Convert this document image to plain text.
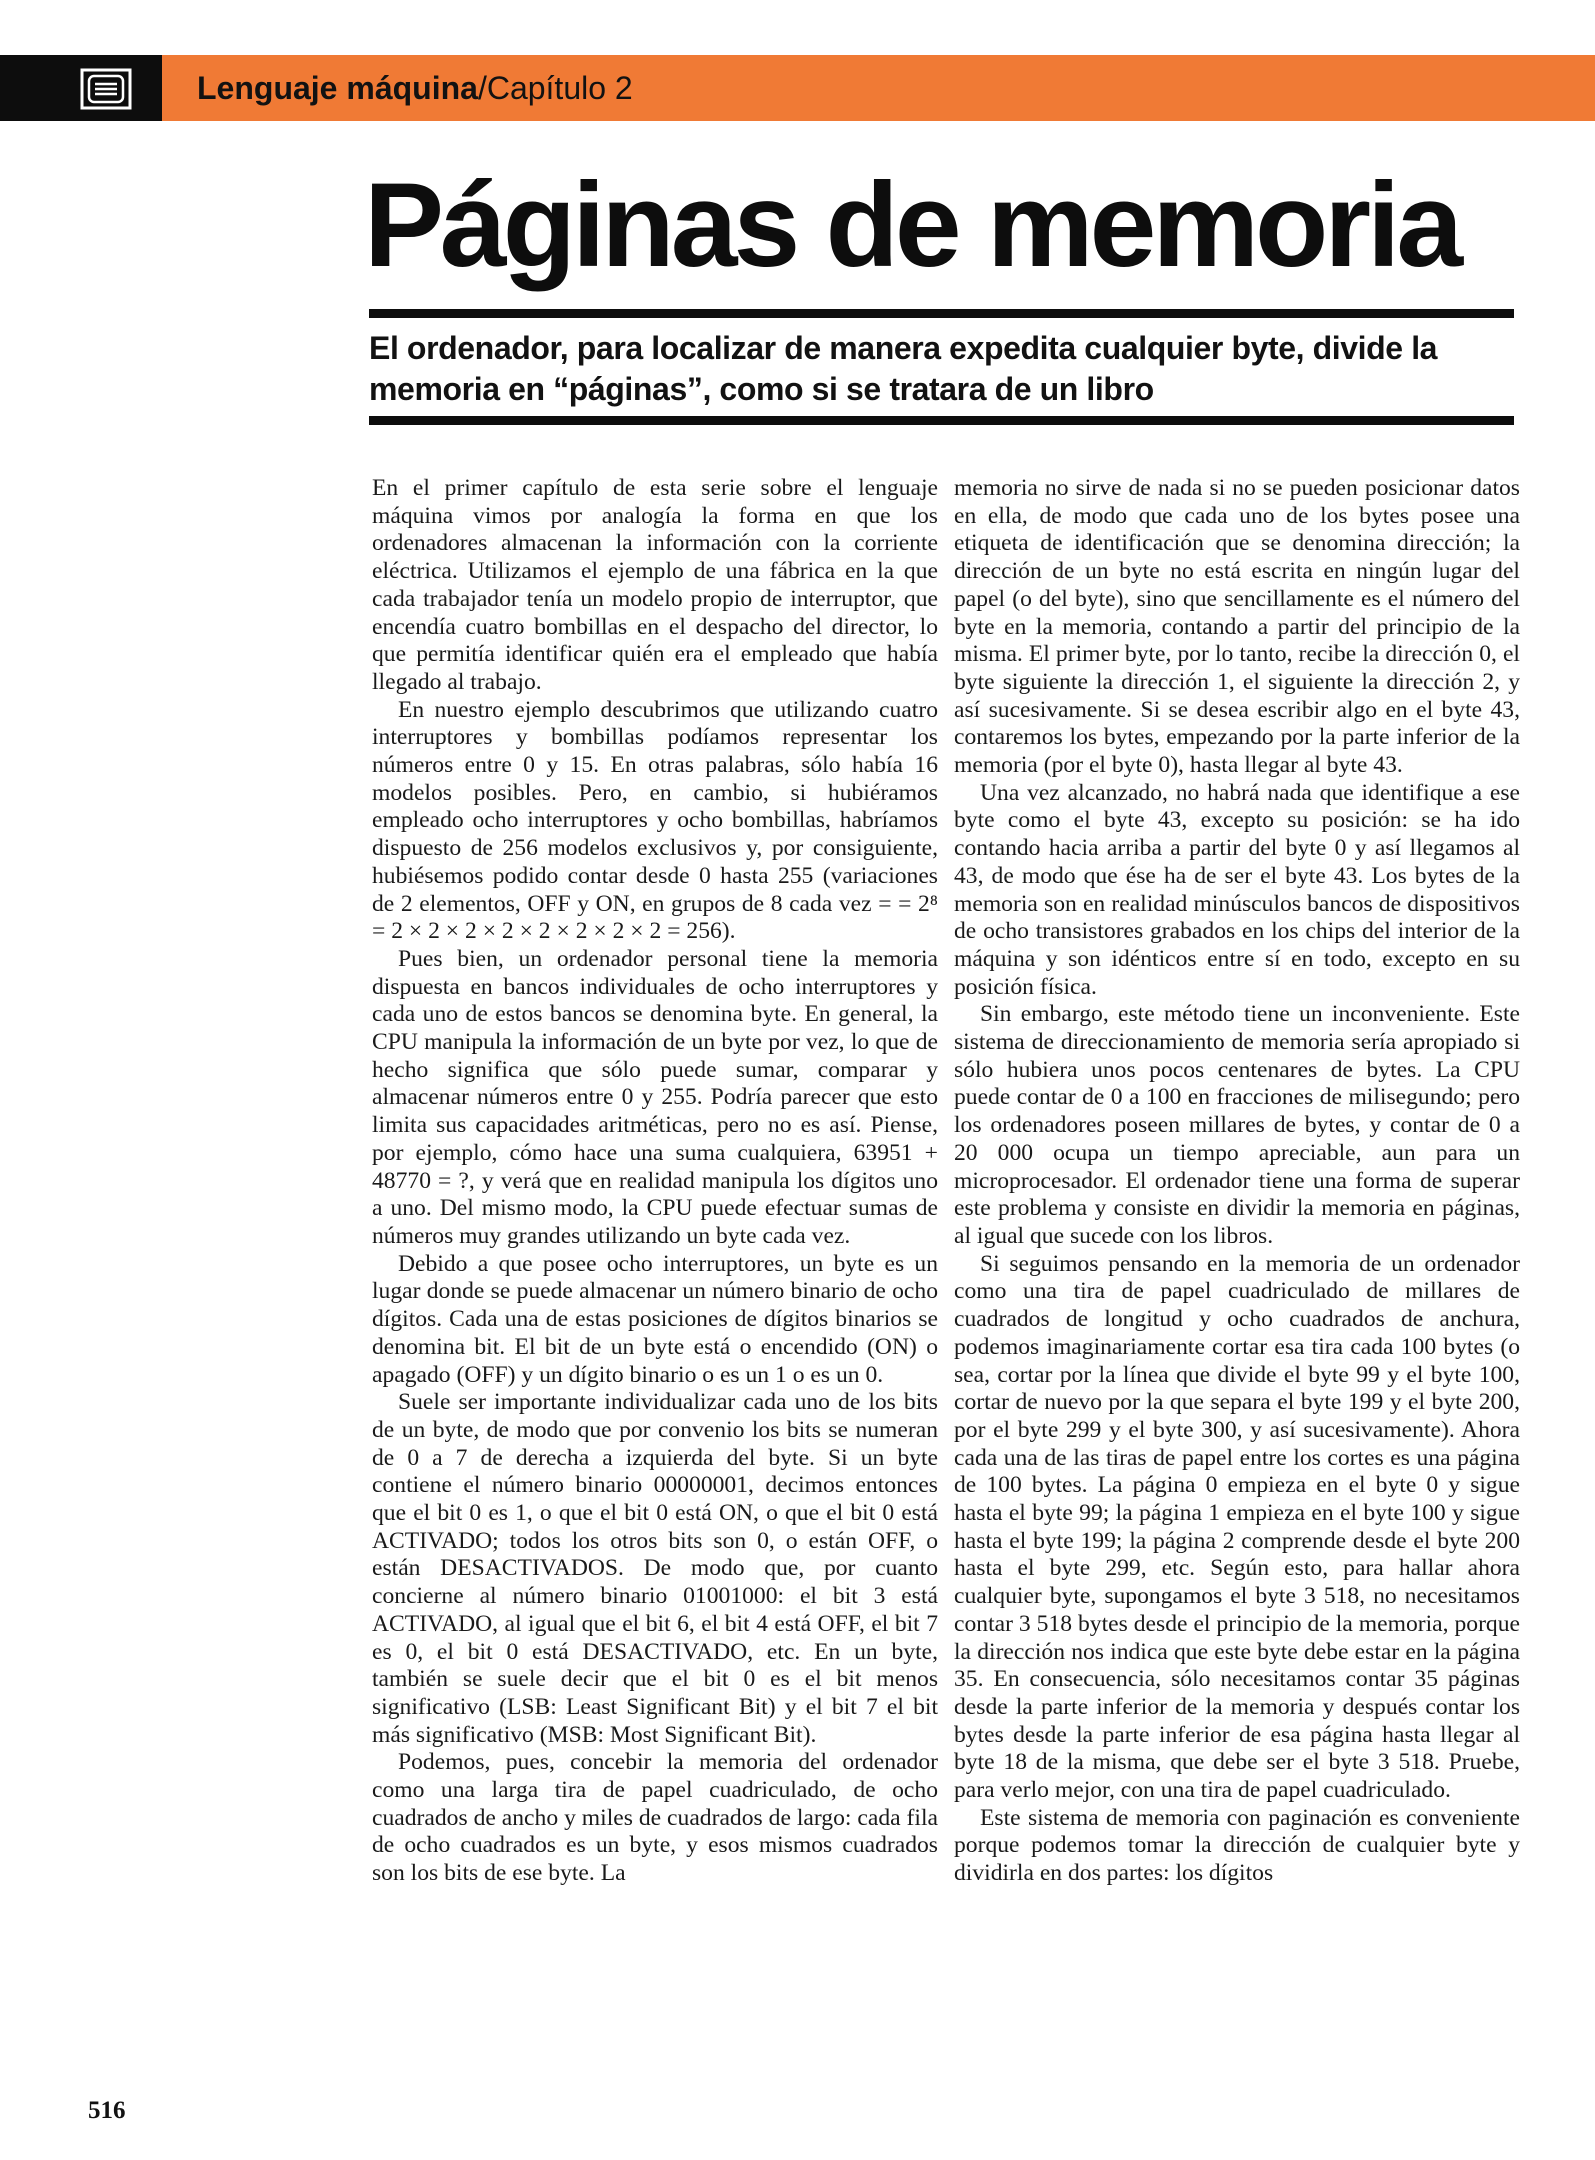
Lenguaje máquina/Capítulo 2
Páginas de memoria
El ordenador, para localizar de manera expedita cualquier byte, divide la memoria en “páginas”, como si se tratara de un libro

En el primer capítulo de esta serie sobre el lenguaje máquina vimos por analogía la forma en que los ordenadores almacenan la información con la corriente eléctrica. Utilizamos el ejemplo de una fábrica en la que cada trabajador tenía un modelo propio de interruptor, que encendía cuatro bombillas en el despacho del director, lo que permitía identificar quién era el empleado que había llegado al trabajo.

En nuestro ejemplo descubrimos que utilizando cuatro interruptores y bombillas podíamos representar los números entre 0 y 15. En otras palabras, sólo había 16 modelos posibles. Pero, en cambio, si hubiéramos empleado ocho interruptores y ocho bombillas, habríamos dispuesto de 256 modelos exclusivos y, por consiguiente, hubiésemos podido contar desde 0 hasta 255 (variaciones de 2 elementos, OFF y ON, en grupos de 8 cada vez = = 2⁸ = 2 × 2 × 2 × 2 × 2 × 2 × 2 × 2 = 256).

Pues bien, un ordenador personal tiene la memoria dispuesta en bancos individuales de ocho interruptores y cada uno de estos bancos se denomina byte. En general, la CPU manipula la información de un byte por vez, lo que de hecho significa que sólo puede sumar, comparar y almacenar números entre 0 y 255. Podría parecer que esto limita sus capacidades aritméticas, pero no es así. Piense, por ejemplo, cómo hace una suma cualquiera, 63951 + 48770 = ?, y verá que en realidad manipula los dígitos uno a uno. Del mismo modo, la CPU puede efectuar sumas de números muy grandes utilizando un byte cada vez.

Debido a que posee ocho interruptores, un byte es un lugar donde se puede almacenar un número binario de ocho dígitos. Cada una de estas posiciones de dígitos binarios se denomina bit. El bit de un byte está o encendido (ON) o apagado (OFF) y un dígito binario o es un 1 o es un 0.

Suele ser importante individualizar cada uno de los bits de un byte, de modo que por convenio los bits se numeran de 0 a 7 de derecha a izquierda del byte. Si un byte contiene el número binario 00000001, decimos entonces que el bit 0 es 1, o que el bit 0 está ON, o que el bit 0 está ACTIVADO; todos los otros bits son 0, o están OFF, o están DESACTIVADOS. De modo que, por cuanto concierne al número binario 01001000: el bit 3 está ACTIVADO, al igual que el bit 6, el bit 4 está OFF, el bit 7 es 0, el bit 0 está DESACTIVADO, etc. En un byte, también se suele decir que el bit 0 es el bit menos significativo (LSB: Least Significant Bit) y el bit 7 el bit más significativo (MSB: Most Significant Bit).

Podemos, pues, concebir la memoria del ordenador como una larga tira de papel cuadriculado, de ocho cuadrados de ancho y miles de cuadrados de largo: cada fila de ocho cuadrados es un byte, y esos mismos cuadrados son los bits de ese byte. La

memoria no sirve de nada si no se pueden posicionar datos en ella, de modo que cada uno de los bytes posee una etiqueta de identificación que se denomina dirección; la dirección de un byte no está escrita en ningún lugar del papel (o del byte), sino que sencillamente es el número del byte en la memoria, contando a partir del principio de la misma. El primer byte, por lo tanto, recibe la dirección 0, el byte siguiente la dirección 1, el siguiente la dirección 2, y así sucesivamente. Si se desea escribir algo en el byte 43, contaremos los bytes, empezando por la parte inferior de la memoria (por el byte 0), hasta llegar al byte 43.

Una vez alcanzado, no habrá nada que identifique a ese byte como el byte 43, excepto su posición: se ha ido contando hacia arriba a partir del byte 0 y así llegamos al 43, de modo que ése ha de ser el byte 43. Los bytes de la memoria son en realidad minúsculos bancos de dispositivos de ocho transistores grabados en los chips del interior de la máquina y son idénticos entre sí en todo, excepto en su posición física.

Sin embargo, este método tiene un inconveniente. Este sistema de direccionamiento de memoria sería apropiado si sólo hubiera unos pocos centenares de bytes. La CPU puede contar de 0 a 100 en fracciones de milisegundo; pero los ordenadores poseen millares de bytes, y contar de 0 a 20 000 ocupa un tiempo apreciable, aun para un microprocesador. El ordenador tiene una forma de superar este problema y consiste en dividir la memoria en páginas, al igual que sucede con los libros.

Si seguimos pensando en la memoria de un ordenador como una tira de papel cuadriculado de millares de cuadrados de longitud y ocho cuadrados de anchura, podemos imaginariamente cortar esa tira cada 100 bytes (o sea, cortar por la línea que divide el byte 99 y el byte 100, cortar de nuevo por la que separa el byte 199 y el byte 200, por el byte 299 y el byte 300, y así sucesivamente). Ahora cada una de las tiras de papel entre los cortes es una página de 100 bytes. La página 0 empieza en el byte 0 y sigue hasta el byte 99; la página 1 empieza en el byte 100 y sigue hasta el byte 199; la página 2 comprende desde el byte 200 hasta el byte 299, etc. Según esto, para hallar ahora cualquier byte, supongamos el byte 3 518, no necesitamos contar 3 518 bytes desde el principio de la memoria, porque la dirección nos indica que este byte debe estar en la página 35. En consecuencia, sólo necesitamos contar 35 páginas desde la parte inferior de la memoria y después contar los bytes desde la parte inferior de esa página hasta llegar al byte 18 de la misma, que debe ser el byte 3 518. Pruebe, para verlo mejor, con una tira de papel cuadriculado.

Este sistema de memoria con paginación es conveniente porque podemos tomar la dirección de cualquier byte y dividirla en dos partes: los dígitos

516
